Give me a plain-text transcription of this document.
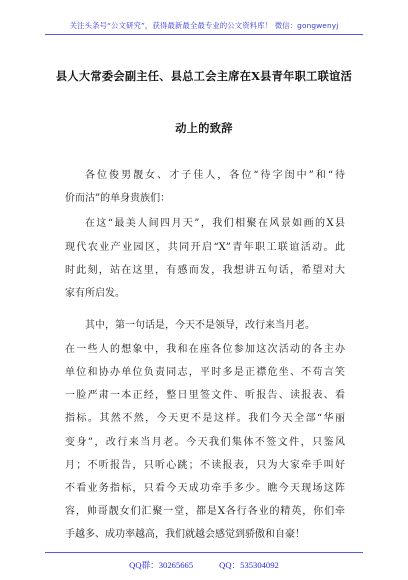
关注头条号“公文研究”，获得最新最全最专业的公文资料库！ 微信：gongwenyj
县人大常委会副主任、县总工会主席在X县青年职工联谊活
动上的致辞
各位俊男靓女、才子佳人，各位“待字闺中”和“待
价而沽”的单身贵族们：
在这“最美人间四月天”，我们相聚在风景如画的X县
现代农业产业园区，共同开启“X”青年职工联谊活动。此
时此刻，站在这里，有感而发，我想讲五句话，希望对大
家有所启发。
其中，第一句话是，今天不是领导，改行来当月老。
在一些人的想象中，我和在座各位参加这次活动的各主办
单位和协办单位负责同志，平时多是正襟危坐、不苟言笑
一脸严肃一本正经，整日里签文件、听报告、读报表、看
指标。其然不然，今天更不是这样。我们今天全部“华丽
变身”，改行来当月老。今天我们集体不签文件，只鉴风
月；不听报告，只听心跳；不读报表，只为大家牵手叫好
不看业务指标，只看今天成功牵手多少。瞧今天现场这阵
容，帅哥靓女们汇聚一堂，都是X各行各业的精英，你们牵
手越多、成功率越高，我们就越会感觉到骄傲和自豪！
QQ群：30265665	QQ：535304092
